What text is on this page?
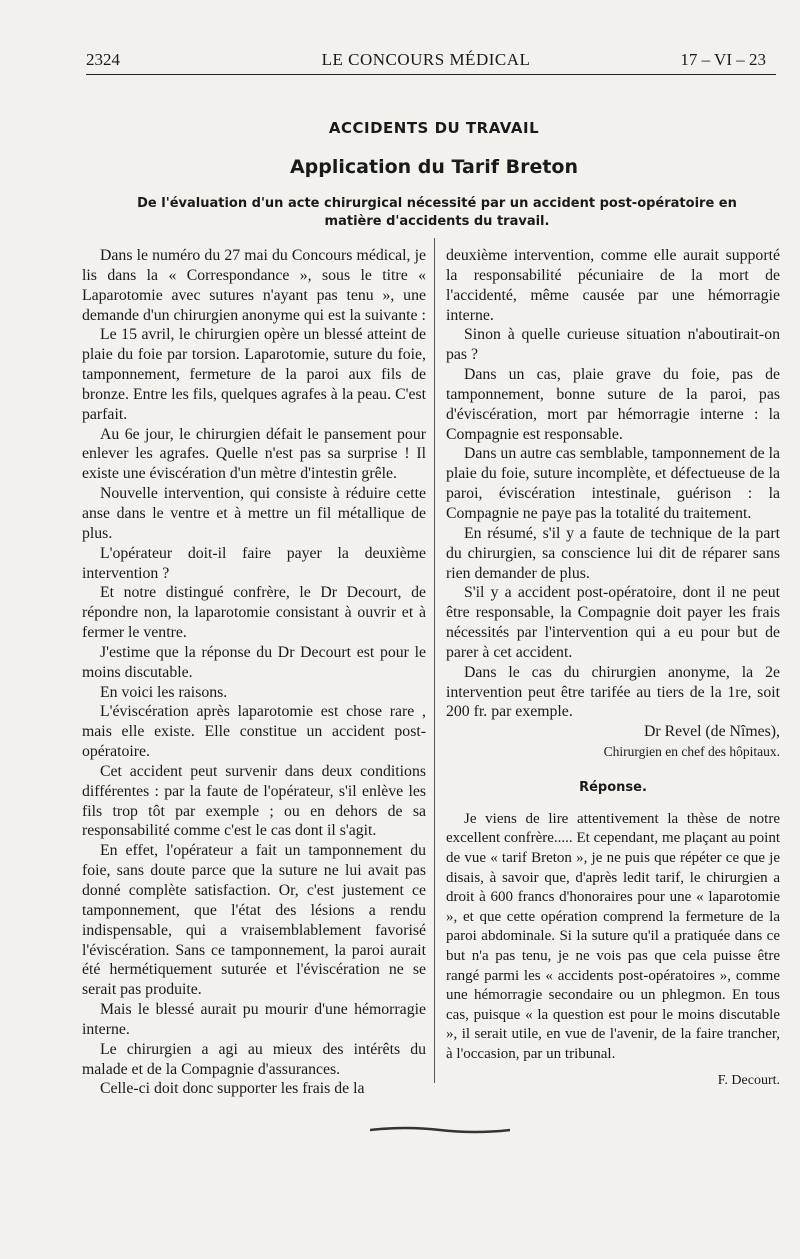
2324	LE CONCOURS MÉDICAL	17 – VI – 23
ACCIDENTS DU TRAVAIL
Application du Tarif Breton
De l'évaluation d'un acte chirurgical nécessité par un accident post-opératoire en matière d'accidents du travail.

Dans le numéro du 27 mai du Concours médical, je lis dans la « Correspondance », sous le titre « Laparotomie avec sutures n'ayant pas tenu », une demande d'un chirurgien anonyme qui est la suivante :

Le 15 avril, le chirurgien opère un blessé atteint de plaie du foie par torsion. Laparotomie, suture du foie, tamponnement, fermeture de la paroi aux fils de bronze. Entre les fils, quelques agrafes à la peau. C'est parfait.

Au 6e jour, le chirurgien défait le pansement pour enlever les agrafes. Quelle n'est pas sa surprise ! Il existe une éviscération d'un mètre d'intestin grêle.

Nouvelle intervention, qui consiste à réduire cette anse dans le ventre et à mettre un fil métallique de plus.

L'opérateur doit-il faire payer la deuxième intervention ?

Et notre distingué confrère, le Dr Decourt, de répondre non, la laparotomie consistant à ouvrir et à fermer le ventre.

J'estime que la réponse du Dr Decourt est pour le moins discutable.

En voici les raisons.

L'éviscération après laparotomie est chose rare , mais elle existe. Elle constitue un accident post-opératoire.

Cet accident peut survenir dans deux conditions différentes : par la faute de l'opérateur, s'il enlève les fils trop tôt par exemple ; ou en dehors de sa responsabilité comme c'est le cas dont il s'agit.

En effet, l'opérateur a fait un tamponnement du foie, sans doute parce que la suture ne lui avait pas donné complète satisfaction. Or, c'est justement ce tamponnement, que l'état des lésions a rendu indispensable, qui a vraisemblablement favorisé l'éviscération. Sans ce tamponnement, la paroi aurait été hermétiquement suturée et l'éviscération ne se serait pas produite.

Mais le blessé aurait pu mourir d'une hémorragie interne.

Le chirurgien a agi au mieux des intérêts du malade et de la Compagnie d'assurances.

Celle-ci doit donc supporter les frais de la

deuxième intervention, comme elle aurait supporté la responsabilité pécuniaire de la mort de l'accidenté, même causée par une hémorragie interne.

Sinon à quelle curieuse situation n'aboutirait-on pas ?

Dans un cas, plaie grave du foie, pas de tamponnement, bonne suture de la paroi, pas d'éviscération, mort par hémorragie interne : la Compagnie est responsable.

Dans un autre cas semblable, tamponnement de la plaie du foie, suture incomplète, et défectueuse de la paroi, éviscération intestinale, guérison : la Compagnie ne paye pas la totalité du traitement.

En résumé, s'il y a faute de technique de la part du chirurgien, sa conscience lui dit de réparer sans rien demander de plus.

S'il y a accident post-opératoire, dont il ne peut être responsable, la Compagnie doit payer les frais nécessités par l'intervention qui a eu pour but de parer à cet accident.

Dans le cas du chirurgien anonyme, la 2e intervention peut être tarifée au tiers de la 1re, soit 200 fr. par exemple.

Dr Revel (de Nîmes),

Chirurgien en chef des hôpitaux.

Réponse.

Je viens de lire attentivement la thèse de notre excellent confrère..... Et cependant, me plaçant au point de vue « tarif Breton », je ne puis que répéter ce que je disais, à savoir que, d'après ledit tarif, le chirurgien a droit à 600 francs d'honoraires pour une « laparotomie », et que cette opération comprend la fermeture de la paroi abdominale. Si la suture qu'il a pratiquée dans ce but n'a pas tenu, je ne vois pas que cela puisse être rangé parmi les « accidents post-opératoires », comme une hémorragie secondaire ou un phlegmon. En tous cas, puisque « la question est pour le moins discutable », il serait utile, en vue de l'avenir, de la faire trancher, à l'occasion, par un tribunal.

F. Decourt.
